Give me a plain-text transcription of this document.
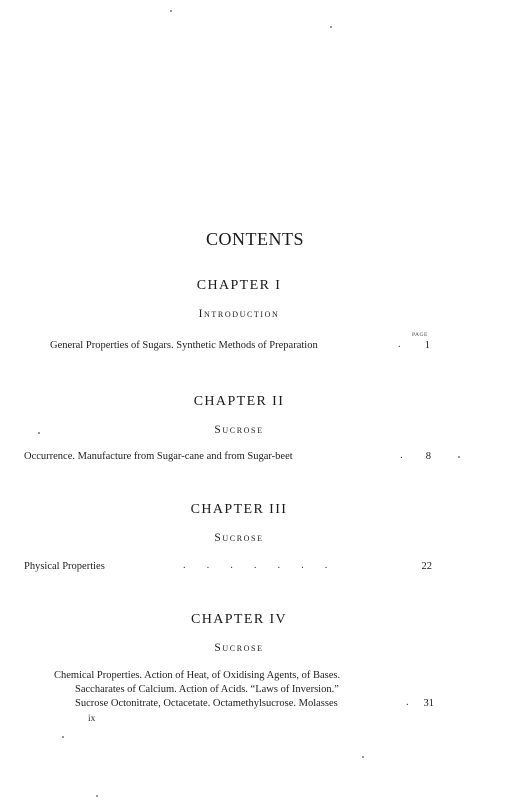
CONTENTS
CHAPTER I
Introduction
PAGE
General Properties of Sugars. Synthetic Methods of Preparation	.	1
CHAPTER II
Sucrose
Occurrence. Manufacture from Sugar-cane and from Sugar-beet	.	8
CHAPTER III
Sucrose
Physical Properties	.        .        .        .        .        .        .	22
CHAPTER IV
Sucrose
Chemical Properties. Action of Heat, of Oxidising Agents, of Bases.
Saccharates of Calcium. Action of Acids. “Laws of Inversion.”
Sucrose Octonitrate, Octacetate. Octamethylsucrose. Molasses	.	31
ix
